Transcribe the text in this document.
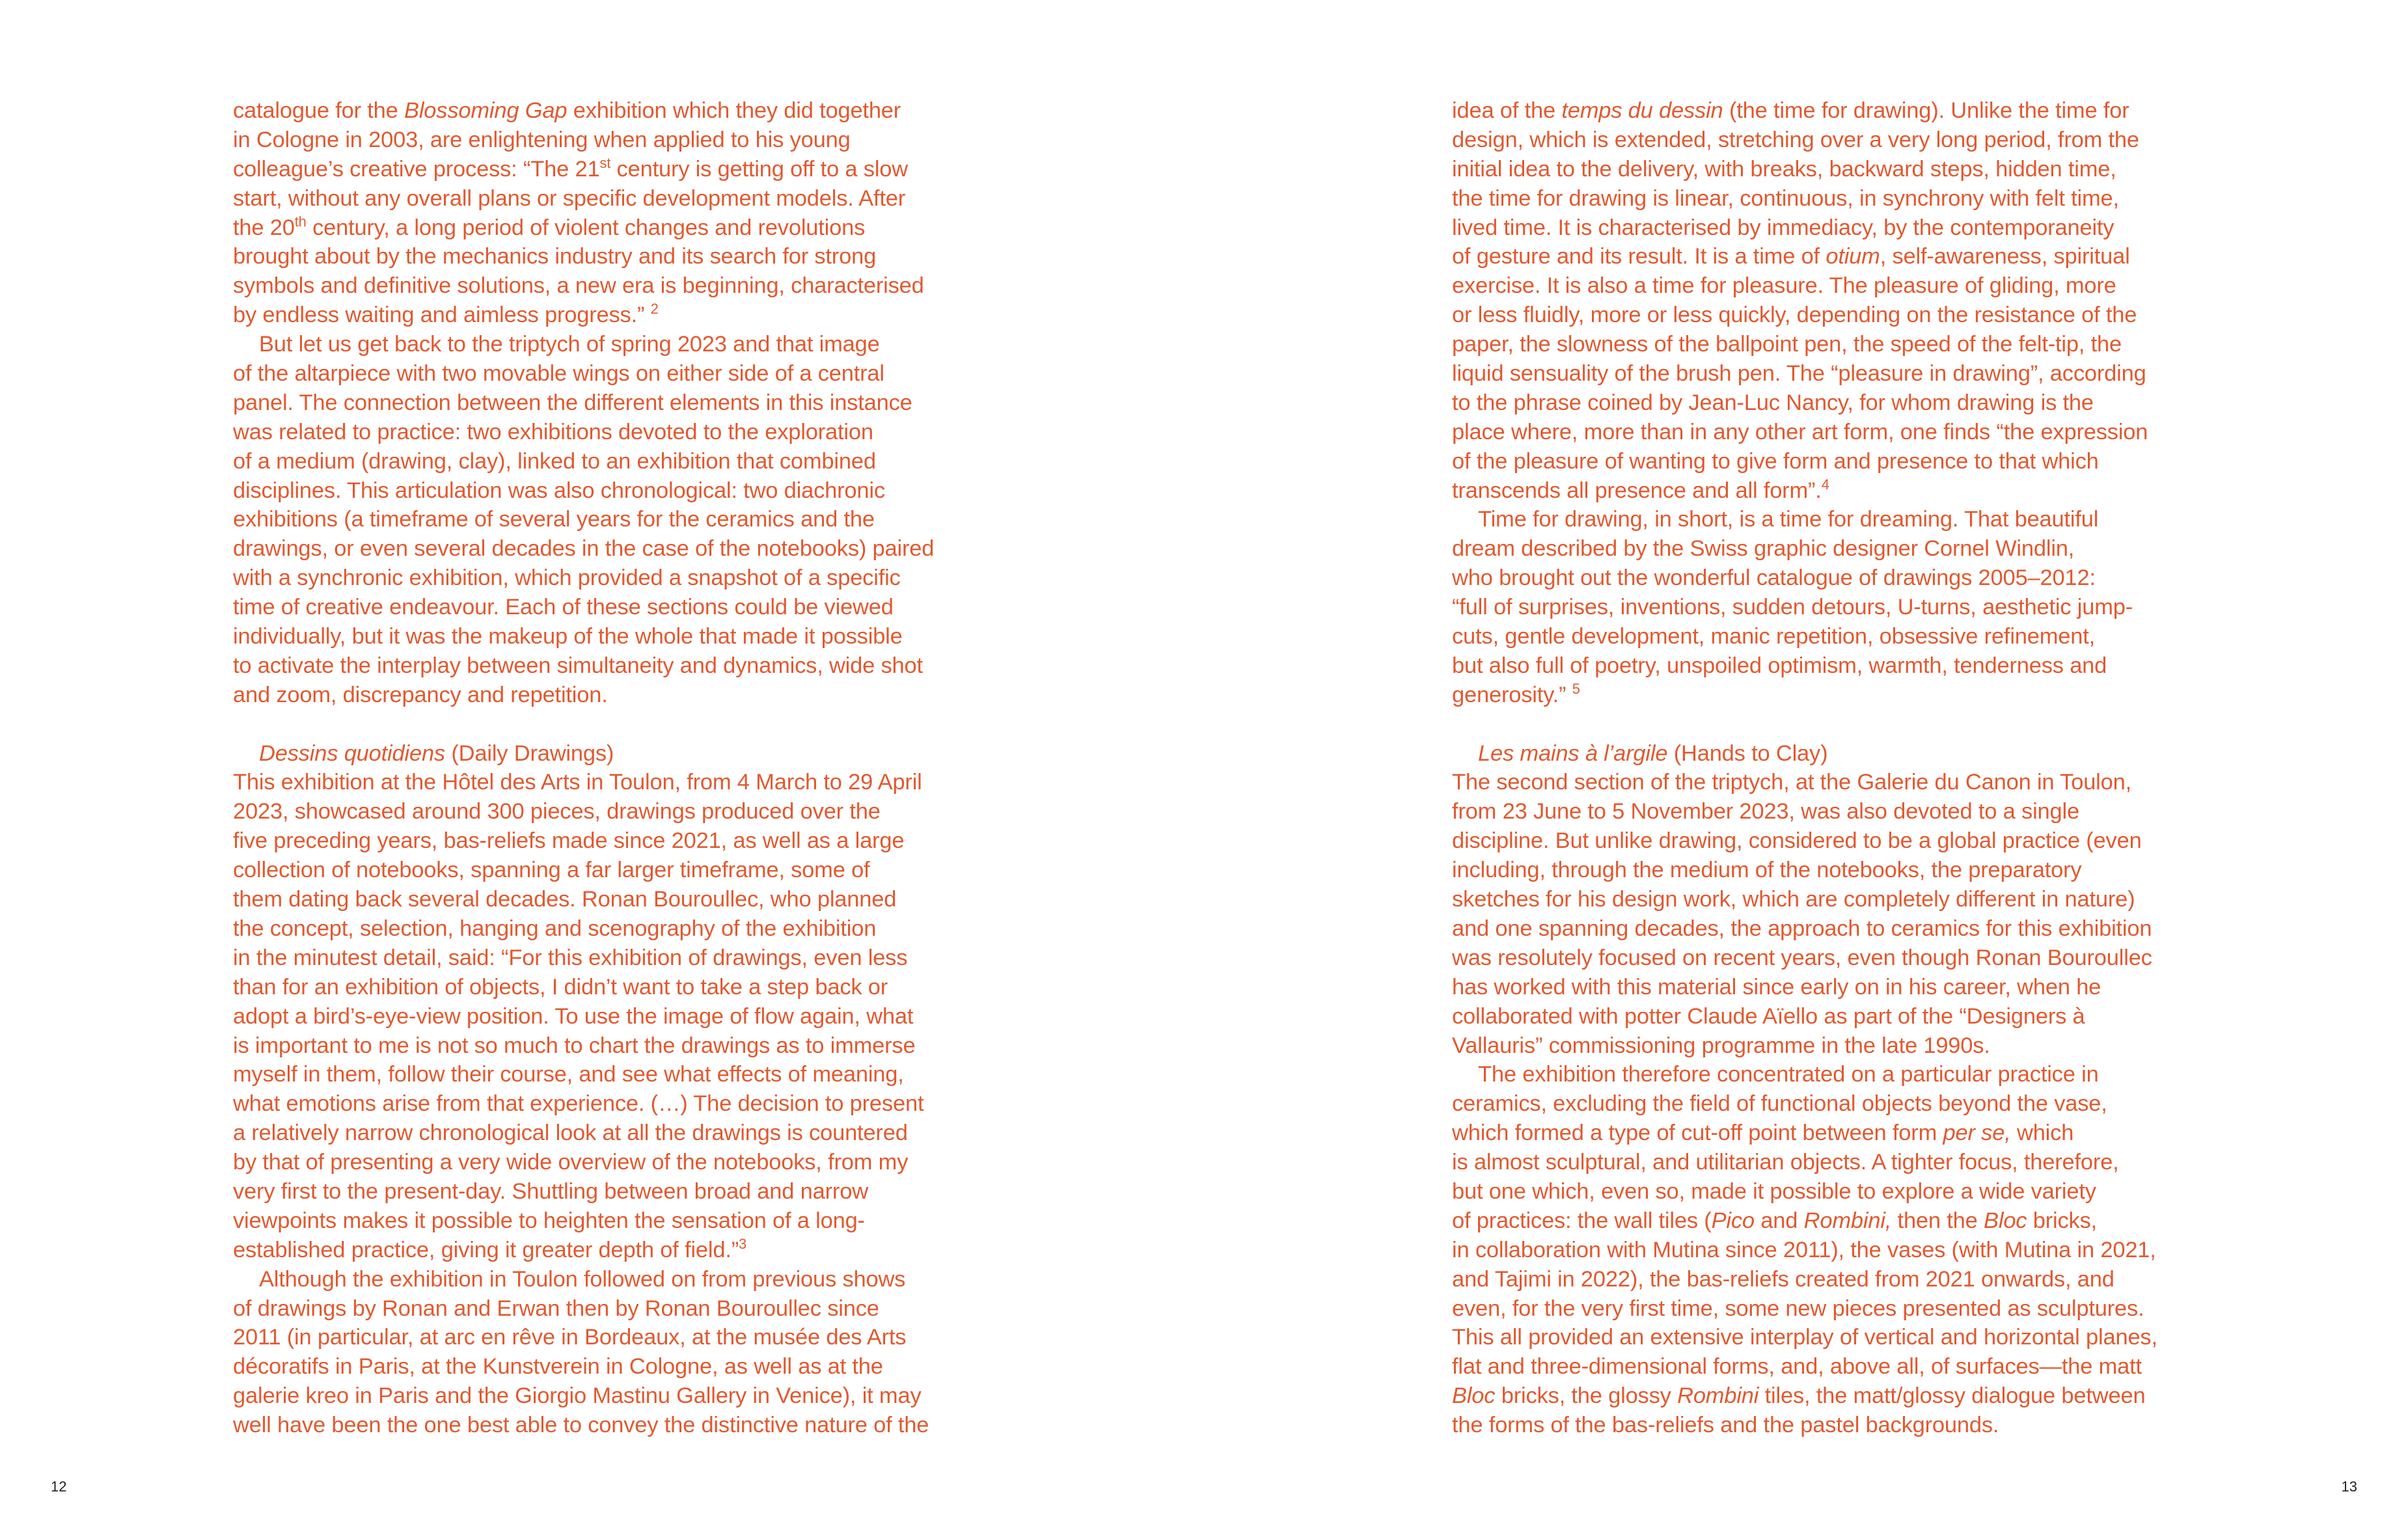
catalogue for the Blossoming Gap exhibition which they did together
in Cologne in 2003, are enlightening when applied to his young
colleague’s creative process: “The 21st century is getting off to a slow
start, without any overall plans or specific development models. After
the 20th century, a long period of violent changes and revolutions
brought about by the mechanics industry and its search for strong
symbols and definitive solutions, a new era is beginning, characterised
by endless waiting and aimless progress.” $^2$
But let us get back to the triptych of spring 2023 and that image
of the altarpiece with two movable wings on either side of a central
panel. The connection between the different elements in this instance
was related to practice: two exhibitions devoted to the exploration
of a medium (drawing, clay), linked to an exhibition that combined
disciplines. This articulation was also chronological: two diachronic
exhibitions (a timeframe of several years for the ceramics and the
drawings, or even several decades in the case of the notebooks) paired
with a synchronic exhibition, which provided a snapshot of a specific
time of creative endeavour. Each of these sections could be viewed
individually, but it was the makeup of the whole that made it possible
to activate the interplay between simultaneity and dynamics, wide shot
and zoom, discrepancy and repetition.
Dessins quotidiens (Daily Drawings)
This exhibition at the Hôtel des Arts in Toulon, from 4 March to 29 April
2023, showcased around 300 pieces, drawings produced over the
five preceding years, bas-reliefs made since 2021, as well as a large
collection of notebooks, spanning a far larger timeframe, some of
them dating back several decades. Ronan Bouroullec, who planned
the concept, selection, hanging and scenography of the exhibition
in the minutest detail, said: “For this exhibition of drawings, even less
than for an exhibition of objects, I didn’t want to take a step back or
adopt a bird’s-eye-view position. To use the image of flow again, what
is important to me is not so much to chart the drawings as to immerse
myself in them, follow their course, and see what effects of meaning,
what emotions arise from that experience. (…) The decision to present
a relatively narrow chronological look at all the drawings is countered
by that of presenting a very wide overview of the notebooks, from my
very first to the present-day. Shuttling between broad and narrow
viewpoints makes it possible to heighten the sensation of a long-
established practice, giving it greater depth of field.”$^3$
Although the exhibition in Toulon followed on from previous shows
of drawings by Ronan and Erwan then by Ronan Bouroullec since
2011 (in particular, at arc en rêve in Bordeaux, at the musée des Arts
décoratifs in Paris, at the Kunstverein in Cologne, as well as at the
galerie kreo in Paris and the Giorgio Mastinu Gallery in Venice), it may
well have been the one best able to convey the distinctive nature of the
12
idea of the temps du dessin (the time for drawing). Unlike the time for
design, which is extended, stretching over a very long period, from the
initial idea to the delivery, with breaks, backward steps, hidden time,
the time for drawing is linear, continuous, in synchrony with felt time,
lived time. It is characterised by immediacy, by the contemporaneity
of gesture and its result. It is a time of otium, self-awareness, spiritual
exercise. It is also a time for pleasure. The pleasure of gliding, more
or less fluidly, more or less quickly, depending on the resistance of the
paper, the slowness of the ballpoint pen, the speed of the felt-tip, the
liquid sensuality of the brush pen. The “pleasure in drawing”, according
to the phrase coined by Jean-Luc Nancy, for whom drawing is the
place where, more than in any other art form, one finds “the expression
of the pleasure of wanting to give form and presence to that which
transcends all presence and all form”.$^4$
Time for drawing, in short, is a time for dreaming. That beautiful
dream described by the Swiss graphic designer Cornel Windlin,
who brought out the wonderful catalogue of drawings 2005–2012:
“full of surprises, inventions, sudden detours, U-turns, aesthetic jump-
cuts, gentle development, manic repetition, obsessive refinement,
but also full of poetry, unspoiled optimism, warmth, tenderness and
generosity.” $^5$
Les mains à l’argile (Hands to Clay)
The second section of the triptych, at the Galerie du Canon in Toulon,
from 23 June to 5 November 2023, was also devoted to a single
discipline. But unlike drawing, considered to be a global practice (even
including, through the medium of the notebooks, the preparatory
sketches for his design work, which are completely different in nature)
and one spanning decades, the approach to ceramics for this exhibition
was resolutely focused on recent years, even though Ronan Bouroullec
has worked with this material since early on in his career, when he
collaborated with potter Claude Aïello as part of the “Designers à
Vallauris” commissioning programme in the late 1990s.
The exhibition therefore concentrated on a particular practice in
ceramics, excluding the field of functional objects beyond the vase,
which formed a type of cut-off point between form per se, which
is almost sculptural, and utilitarian objects. A tighter focus, therefore,
but one which, even so, made it possible to explore a wide variety
of practices: the wall tiles (Pico and Rombini, then the Bloc bricks,
in collaboration with Mutina since 2011), the vases (with Mutina in 2021,
and Tajimi in 2022), the bas-reliefs created from 2021 onwards, and
even, for the very first time, some new pieces presented as sculptures.
This all provided an extensive interplay of vertical and horizontal planes,
flat and three-dimensional forms, and, above all, of surfaces—the matt
Bloc bricks, the glossy Rombini tiles, the matt/glossy dialogue between
the forms of the bas-reliefs and the pastel backgrounds.
13
